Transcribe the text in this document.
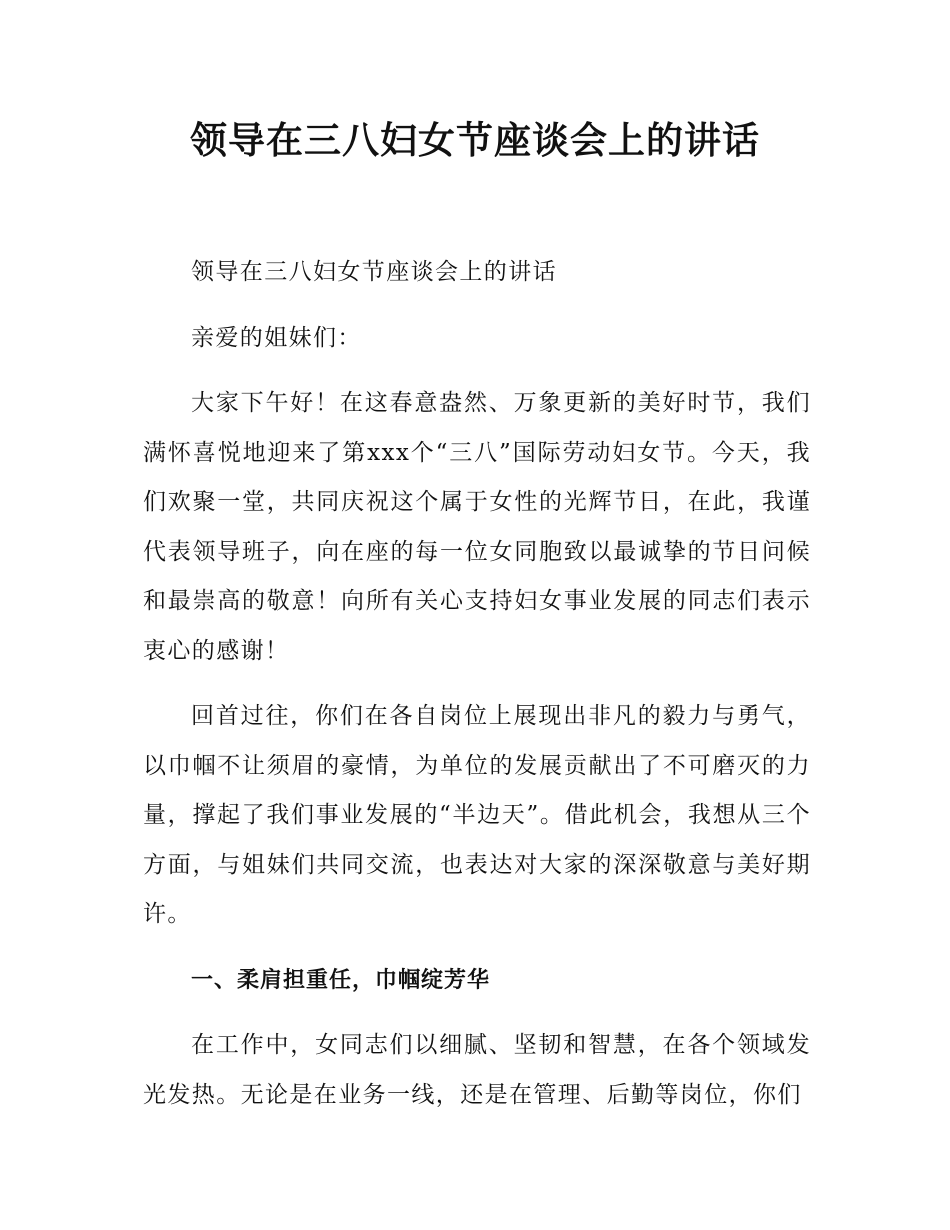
领导在三八妇女节座谈会上的讲话

领导在三八妇女节座谈会上的讲话

亲爱的姐妹们：

大家下午好！在这春意盎然、万象更新的美好时节，我们满怀喜悦地迎来了第xxx个“三八”国际劳动妇女节。今天，我们欢聚一堂，共同庆祝这个属于女性的光辉节日，在此，我谨代表领导班子，向在座的每一位女同胞致以最诚挚的节日问候和最崇高的敬意！向所有关心支持妇女事业发展的同志们表示衷心的感谢！

回首过往，你们在各自岗位上展现出非凡的毅力与勇气，以巾帼不让须眉的豪情，为单位的发展贡献出了不可磨灭的力量，撑起了我们事业发展的“半边天”。借此机会，我想从三个方面，与姐妹们共同交流，也表达对大家的深深敬意与美好期许。

一、柔肩担重任，巾帼绽芳华

在工作中，女同志们以细腻、坚韧和智慧，在各个领域发光发热。无论是在业务一线，还是在管理、后勤等岗位，你们
